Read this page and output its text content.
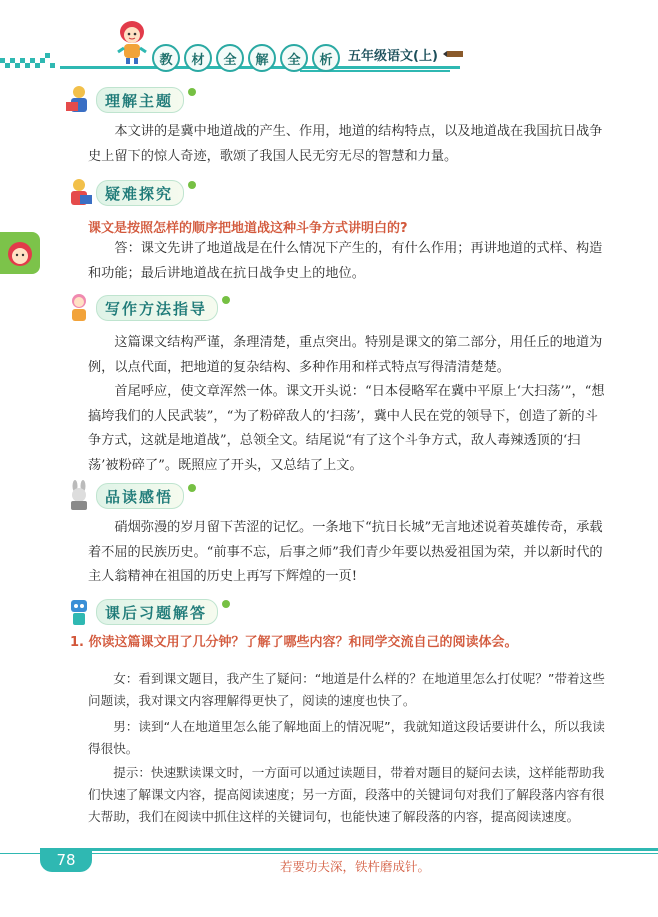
教	材	全	解	全	析	五年级语文(上)
理解主题

本文讲的是冀中地道战的产生、作用，地道的结构特点，以及地道战在我国抗日战争史上留下的惊人奇迹，歌颂了我国人民无穷无尽的智慧和力量。

疑难探究
课文是按照怎样的顺序把地道战这种斗争方式讲明白的?

答：课文先讲了地道战是在什么情况下产生的，有什么作用；再讲地道的式样、构造和功能；最后讲地道战在抗日战争史上的地位。

写作方法指导

这篇课文结构严谨，条理清楚，重点突出。特别是课文的第二部分，用任丘的地道为例，以点代面，把地道的复杂结构、多种作用和样式特点写得清清楚楚。

首尾呼应，使文章浑然一体。课文开头说：“日本侵略军在冀中平原上‘大扫荡’”，“想搞垮我们的人民武装”，“为了粉碎敌人的‘扫荡’，冀中人民在党的领导下，创造了新的斗争方式，这就是地道战”，总领全文。结尾说“有了这个斗争方式，敌人毒辣透顶的‘扫荡’被粉碎了”。既照应了开头，又总结了上文。

品读感悟

硝烟弥漫的岁月留下苦涩的记忆。一条地下“抗日长城”无言地述说着英雄传奇，承载着不屈的民族历史。“前事不忘，后事之师”我们青少年要以热爱祖国为荣，并以新时代的主人翁精神在祖国的历史上再写下辉煌的一页!

课后习题解答
1. 你读这篇课文用了几分钟？了解了哪些内容？和同学交流自己的阅读体会。

女：看到课文题目，我产生了疑问：“地道是什么样的？在地道里怎么打仗呢？”带着这些问题读，我对课文内容理解得更快了，阅读的速度也快了。

男：读到“人在地道里怎么能了解地面上的情况呢”，我就知道这段话要讲什么，所以我读得很快。

提示：快速默读课文时，一方面可以通过读题目，带着对题目的疑问去读，这样能帮助我们快速了解课文内容，提高阅读速度；另一方面，段落中的关键词句对我们了解段落内容有很大帮助，我们在阅读中抓住这样的关键词句，也能快速了解段落的内容，提高阅读速度。

78	若要功夫深，铁杵磨成针。
